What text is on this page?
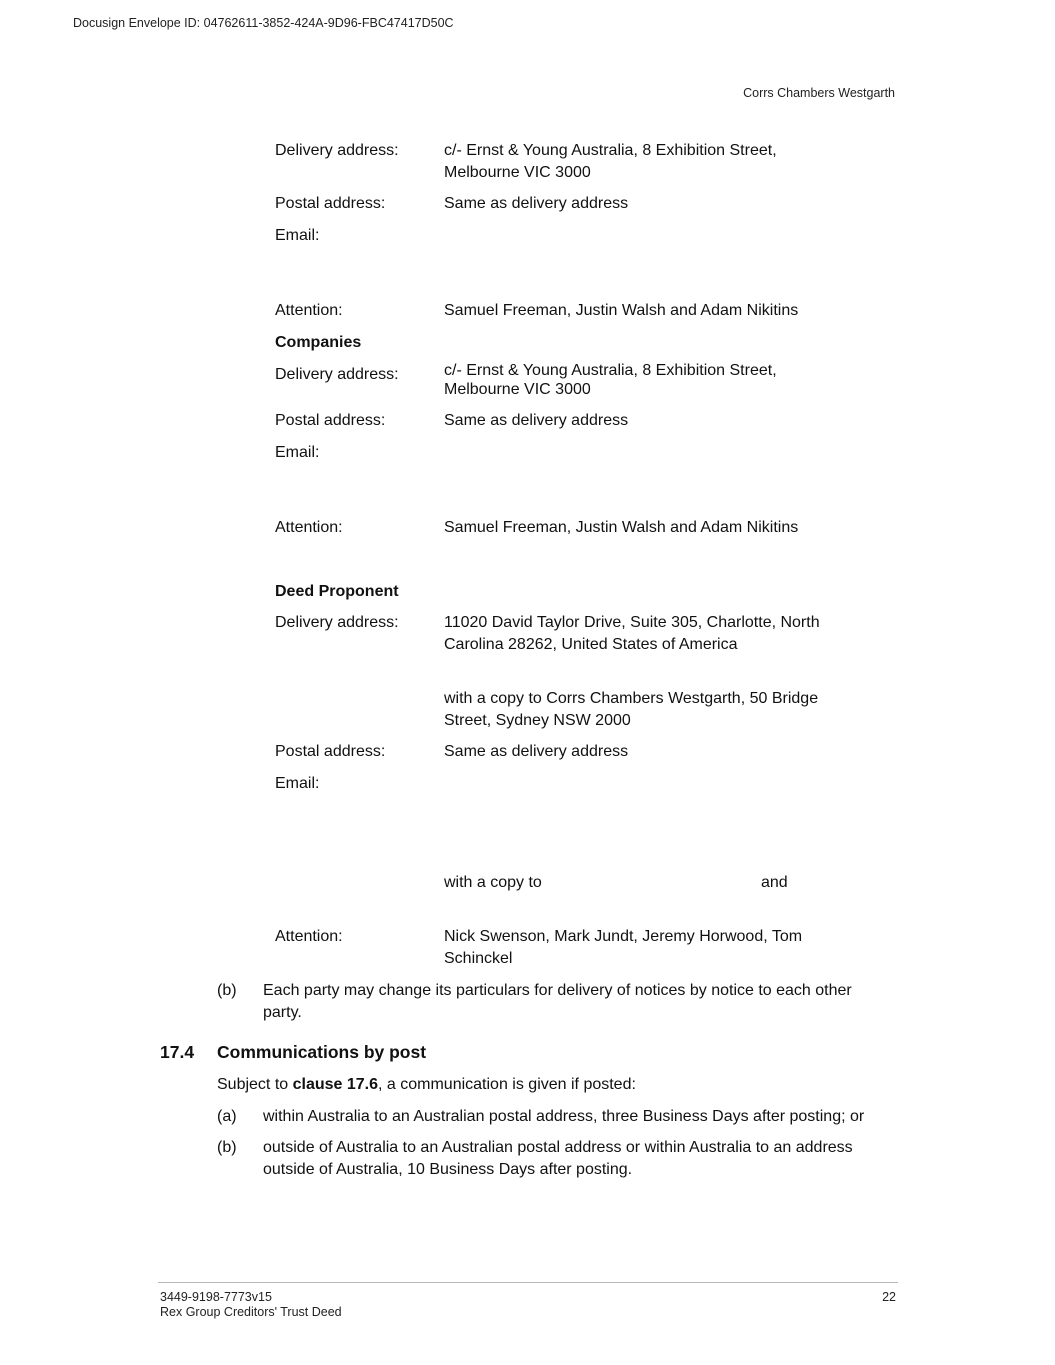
Docusign Envelope ID: 04762611-3852-424A-9D96-FBC47417D50C
Corrs Chambers Westgarth
Delivery address:	c/- Ernst & Young Australia, 8 Exhibition Street,
Melbourne VIC 3000
Postal address:	Same as delivery address
Email:
Attention:	Samuel Freeman, Justin Walsh and Adam Nikitins
Companies
Delivery address:	c/- Ernst & Young Australia, 8 Exhibition Street,
Melbourne VIC 3000
Postal address:	Same as delivery address
Email:
Attention:	Samuel Freeman, Justin Walsh and Adam Nikitins
Deed Proponent
Delivery address:	11020 David Taylor Drive, Suite 305, Charlotte, North
Carolina 28262, United States of America
with a copy to Corrs Chambers Westgarth, 50 Bridge
Street, Sydney NSW 2000
Postal address:	Same as delivery address
Email:
with a copy to	and
Attention:	Nick Swenson, Mark Jundt, Jeremy Horwood, Tom
Schinckel
(b) Each party may change its particulars for delivery of notices by notice to each other
party.
17.4 Communications by post
Subject to clause 17.6, a communication is given if posted:
(a) within Australia to an Australian postal address, three Business Days after posting; or
(b) outside of Australia to an Australian postal address or within Australia to an address
outside of Australia, 10 Business Days after posting.
3449-9198-7773v15
Rex Group Creditors' Trust Deed
22
